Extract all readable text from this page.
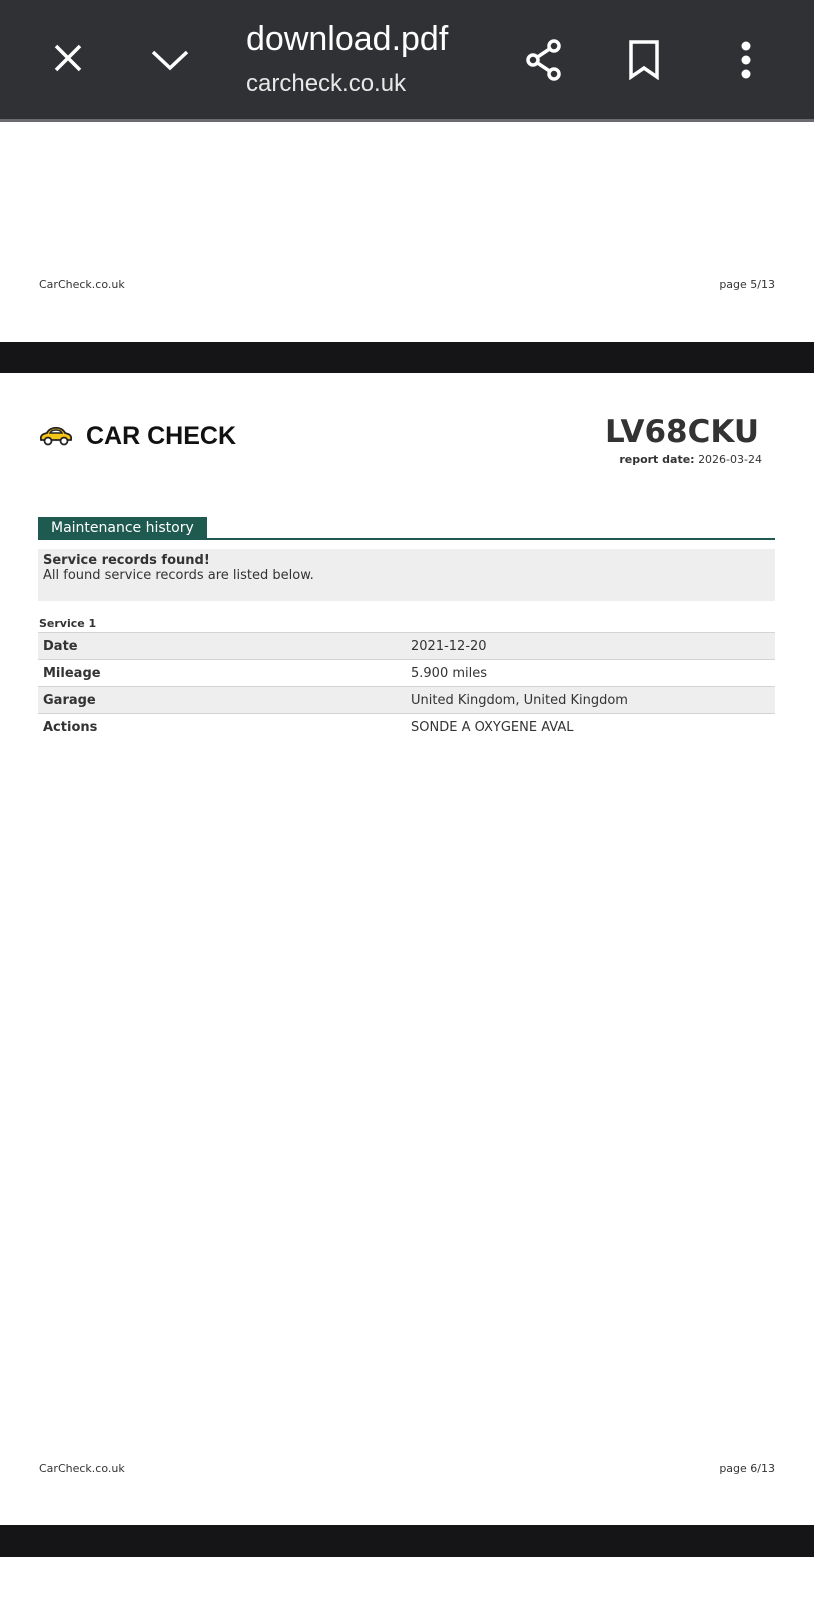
download.pdf
carcheck.co.uk
CarCheck.co.uk	page 5/13
CAR CHECK	LV68CKU
report date: 2026-03-24
Maintenance history
Service records found!
All found service records are listed below.
Service 1
Date	2021-12-20
Mileage	5.900 miles
Garage	United Kingdom, United Kingdom
Actions	SONDE A OXYGENE AVAL
CarCheck.co.uk	page 6/13
